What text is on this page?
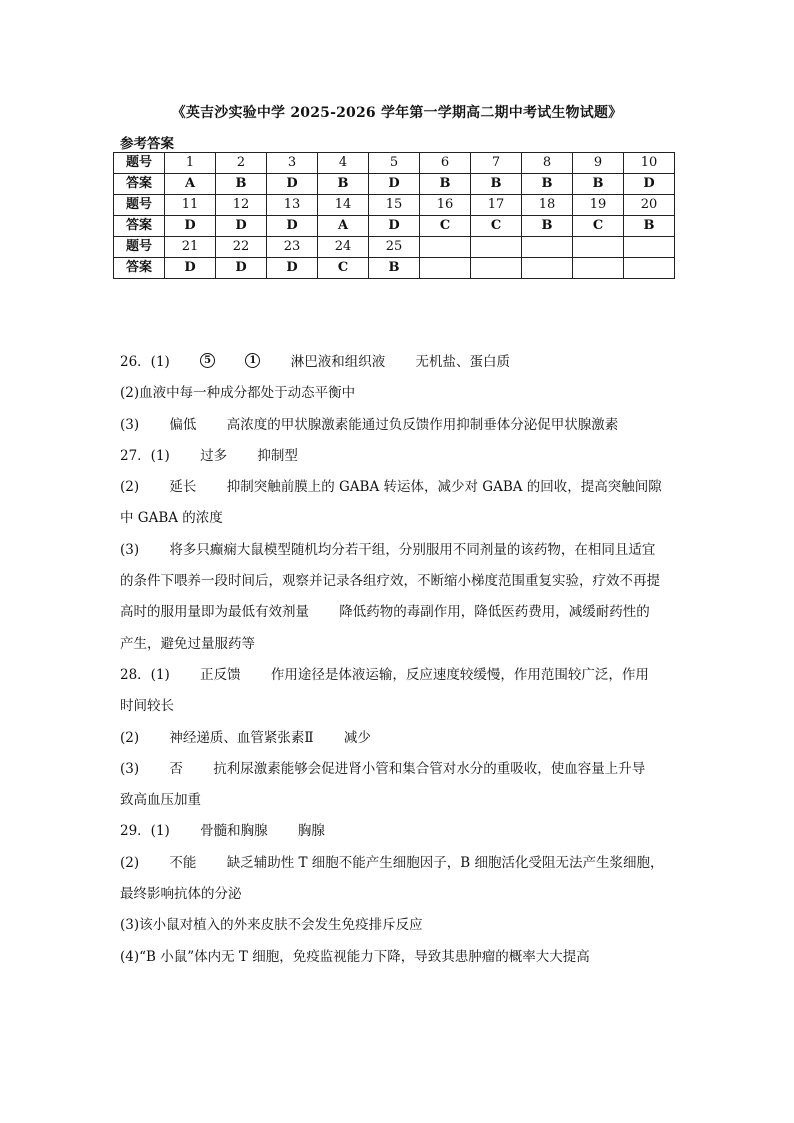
《英吉沙实验中学 2025-2026 学年第一学期高二期中考试生物试题》
参考答案
题号	1	2	3	4	5	6	7	8	9	10
答案	A	B	D	B	D	B	B	B	B	D
题号	11	12	13	14	15	16	17	18	19	20
答案	D	D	D	A	D	C	C	B	C	B
题号	21	22	23	24	25					
答案	D	D	D	C	B					
26．(1)	5	1	淋巴液和组织液 无机盐、蛋白质
(2)血液中每一种成分都处于动态平衡中
(3) 偏低 高浓度的甲状腺激素能通过负反馈作用抑制垂体分泌促甲状腺激素
27．(1) 过多 抑制型
(2) 延长 抑制突触前膜上的 GABA 转运体，减少对 GABA 的回收，提高突触间隙
中 GABA 的浓度
(3) 将多只癫痫大鼠模型随机均分若干组，分别服用不同剂量的该药物，在相同且适宜
的条件下喂养一段时间后，观察并记录各组疗效，不断缩小梯度范围重复实验，疗效不再提
高时的服用量即为最低有效剂量 降低药物的毒副作用，降低医药费用，减缓耐药性的
产生，避免过量服药等
28．(1) 正反馈 作用途径是体液运输，反应速度较缓慢，作用范围较广泛，作用
时间较长
(2) 神经递质、血管紧张素Ⅱ 减少
(3) 否 抗利尿激素能够会促进肾小管和集合管对水分的重吸收，使血容量上升导
致高血压加重
29．(1) 骨髓和胸腺 胸腺
(2) 不能 缺乏辅助性 T 细胞不能产生细胞因子，B 细胞活化受阻无法产生浆细胞，
最终影响抗体的分泌
(3)该小鼠对植入的外来皮肤不会发生免疫排斥反应
(4)“B 小鼠”体内无 T 细胞，免疫监视能力下降，导致其患肿瘤的概率大大提高
